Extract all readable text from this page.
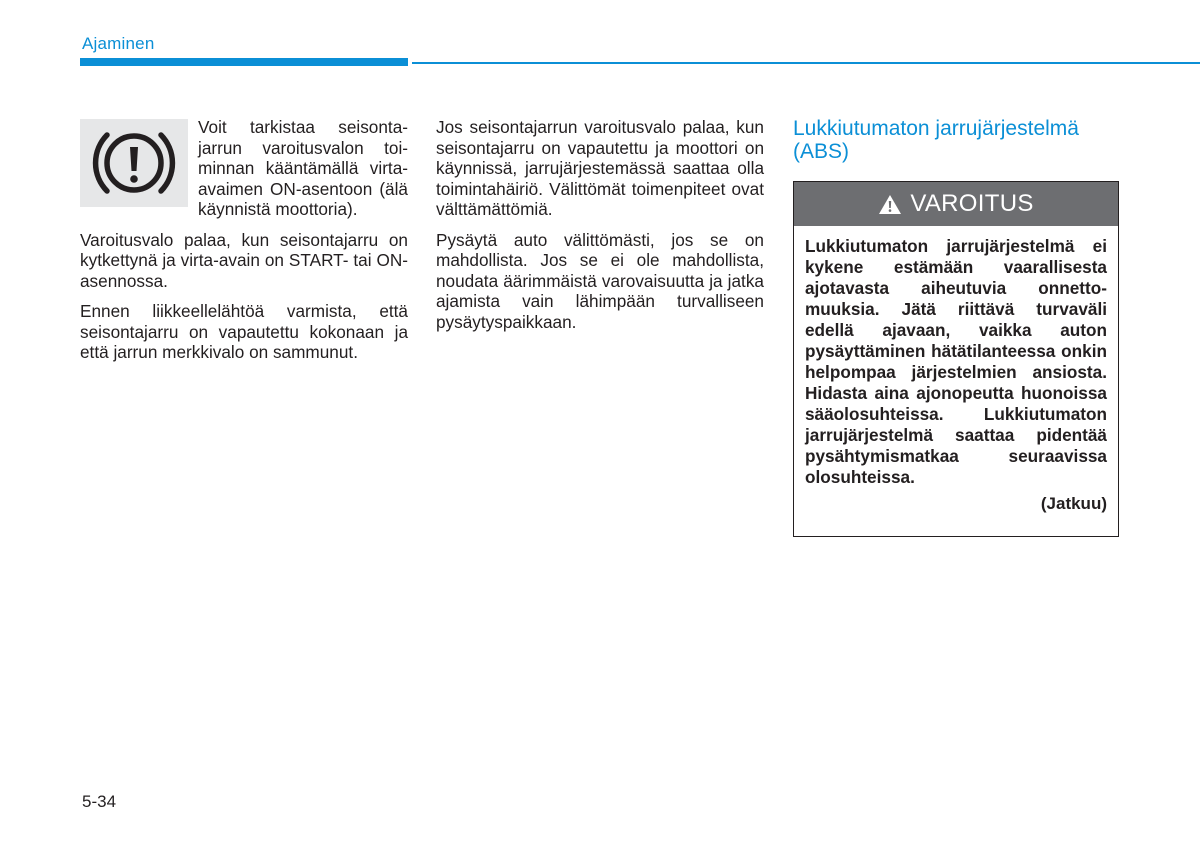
Ajaminen

Voit tarkistaa seisontajarrun varoitusvalon toiminnan kääntämällä virta-avaimen ON-asentoon (älä käynnistä moottoria).

Varoitusvalo palaa, kun seisontajarru on kytkettynä ja virta-avain on START- tai ON-asennossa.

Ennen liikkeellelähtöä varmista, että seisontajarru on vapautettu kokonaan ja että jarrun merkkivalo on sammunut.

Jos seisontajarrun varoitusvalo palaa, kun seisontajarru on vapautettu ja moottori on käynnissä, jarrujärjestemässä saattaa olla toimintahäiriö. Välittömät toimenpiteet ovat välttämättömiä.

Pysäytä auto välittömästi, jos se on mahdollista. Jos se ei ole mahdollista, noudata äärimmäistä varovaisuutta ja jatka ajamista vain lähimpään turvalliseen pysäytyspaikkaan.

Lukkiutumaton jarrujärjestelmä (ABS)
VAROITUS
Lukkiutumaton jarrujärjestelmä ei kykene estämään vaarallisesta ajotavasta aiheutuvia onnettomuuksia. Jätä riittävä turvaväli edellä ajavaan, vaikka auton pysäyttäminen hätätilanteessa onkin helpompaa järjestelmien ansiosta. Hidasta aina ajonopeutta huonoissa sääolosuhteissa. Lukkiutumaton jarrujärjestelmä saattaa pidentää pysähtymismatkaa seuraavissa olosuhteissa.
(Jatkuu)
5-34
